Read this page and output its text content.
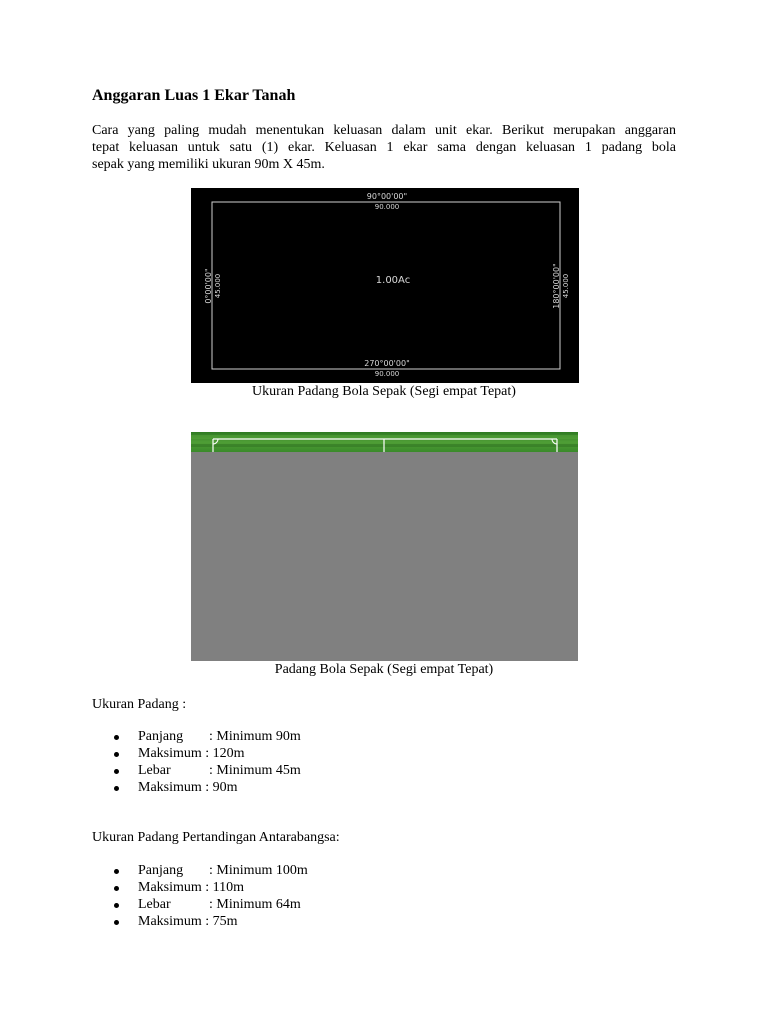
Anggaran Luas 1 Ekar Tanah

Cara yang paling mudah menentukan keluasan dalam unit ekar. Berikut merupakan anggaran
tepat keluasan untuk satu (1) ekar. Keluasan 1 ekar sama dengan keluasan 1 padang bola
sepak yang memiliki ukuran 90m X 45m.

90°00'00"
90.000
270°00'00"
90.000
0°00'00" 45.000	180°00'00" 45.000
1.00Ac

Ukuran Padang Bola Sepak (Segi empat Tepat)

Padang Bola Sepak (Segi empat Tepat)

Ukuran Padang :

Panjang : Minimum 90m
Maksimum : 120m
Lebar	: Minimum 45m
Maksimum : 90m

Ukuran Padang Pertandingan Antarabangsa:

Panjang : Minimum 100m
Maksimum : 110m
Lebar	: Minimum 64m
Maksimum : 75m
